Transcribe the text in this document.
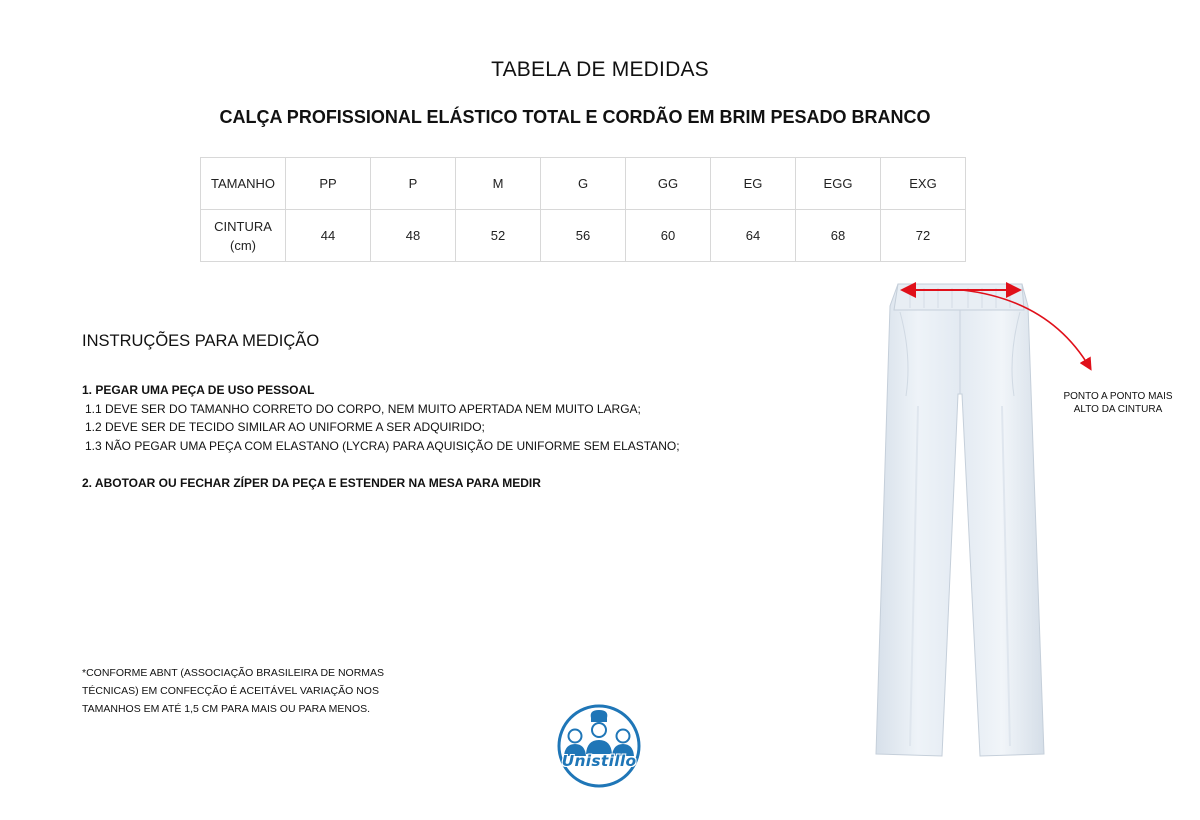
TABELA DE MEDIDAS
CALÇA PROFISSIONAL ELÁSTICO TOTAL E CORDÃO EM BRIM PESADO BRANCO
TAMANHO	PP	P	M	G	GG	EG	EGG	EXG
CINTURA
(cm)	44	48	52	56	60	64	68	72
INSTRUÇÕES PARA MEDIÇÃO
1. PEGAR UMA PEÇA DE USO PESSOAL
1.1 DEVE SER DO TAMANHO CORRETO DO CORPO, NEM MUITO APERTADA NEM MUITO LARGA;
1.2 DEVE SER DE TECIDO SIMILAR AO UNIFORME A SER ADQUIRIDO;
1.3 NÃO PEGAR UMA PEÇA COM ELASTANO (LYCRA) PARA AQUISIÇÃO DE UNIFORME SEM ELASTANO;
2. ABOTOAR OU FECHAR ZÍPER DA PEÇA E ESTENDER NA MESA PARA MEDIR
*CONFORME ABNT (ASSOCIAÇÃO BRASILEIRA DE NORMAS
TÉCNICAS) EM CONFECÇÃO É ACEITÁVEL VARIAÇÃO NOS
TAMANHOS EM ATÉ 1,5 CM PARA MAIS OU PARA MENOS.
PONTO A PONTO MAIS
ALTO DA CINTURA
Unistillo
